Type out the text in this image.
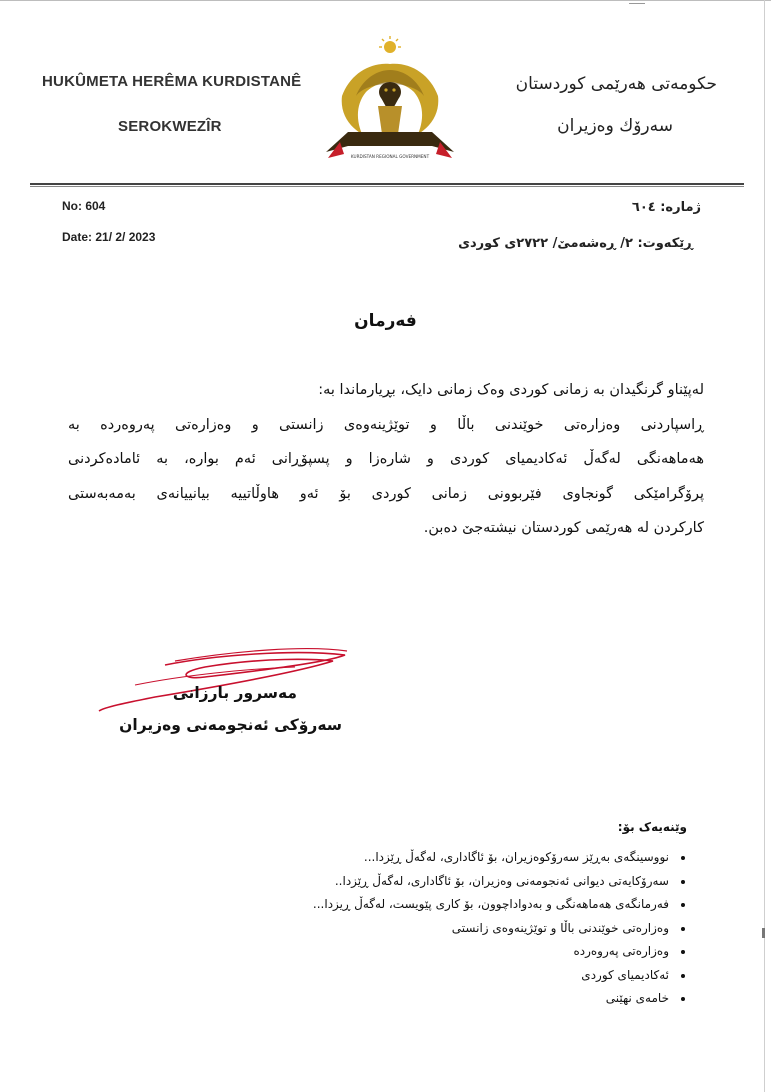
HUKÛMETA HERÊMA KURDISTANÊ
SEROKWEZÎR
حکومەتی هەرێمی کوردستان
سەرۆك وەزیران
KURDISTAN REGIONAL GOVERNMENT
No: 604
Date: 21/ 2/ 2023
ژمارە: ٦٠٤
ڕێکەوت: ٢/ ڕەشەمێ/ ٢٧٢٢ی کوردی
فەرمان

لەپێناو گرنگیدان بە زمانی کوردی وەک زمانی دایک، بڕیارماندا بە:

ڕاسپاردنی وەزارەتی خوێندنی باڵا و توێژینەوەی زانستی و وەزارەتی پەروەردە بە

هەماهەنگی لەگەڵ ئەکادیمیای کوردی و شارەزا و پسپۆڕانی ئەم بوارە، بە ئامادەکردنی

پرۆگرامێکی گونجاوی فێربوونی زمانی کوردی بۆ ئەو هاوڵاتییە بیانییانەی بەمەبەستی

کارکردن لە هەرێمی کوردستان نیشتەجێ دەبن.

مەسرور بارزانی
سەرۆکی ئەنجومەنی وەزیران
وێنەیەک بۆ:
• نووسینگەی بەڕێز سەرۆکوەزیران، بۆ ئاگاداری، لەگەڵ ڕێزدا...
• سەرۆکایەتی دیوانی ئەنجومەنی وەزیران، بۆ ئاگاداری، لەگەڵ ڕێزدا..
• فەرمانگەی هەماهەنگی و بەدواداچوون، بۆ کاری پێویست، لەگەڵ ڕیزدا...
• وەزارەتی خوێندنی باڵا و توێژینەوەی زانستی
• وەزارەتی پەروەردە
• ئەکادیمیای کوردی
• خامەی نهێنی
